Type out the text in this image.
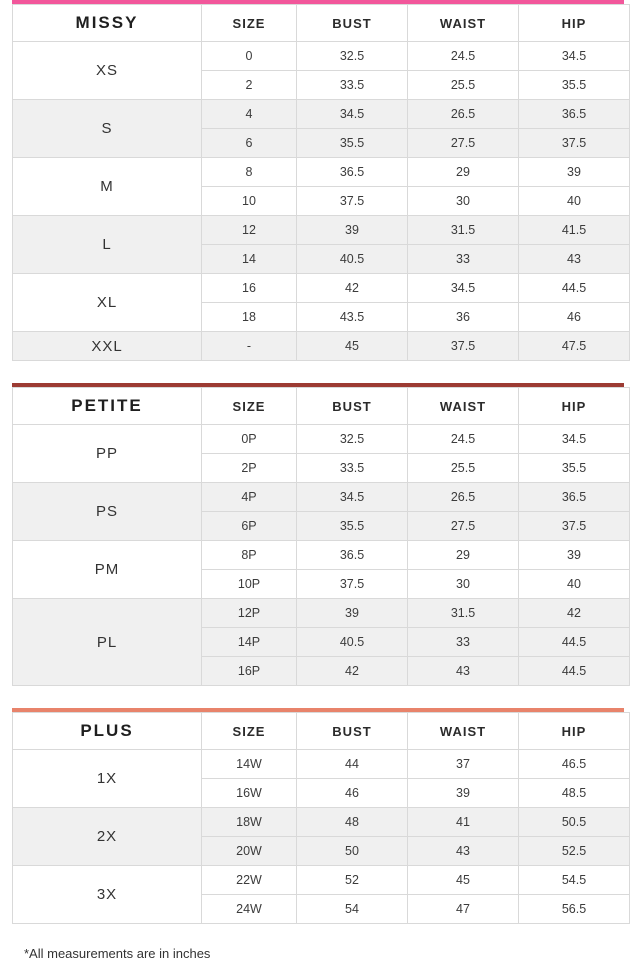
MISSY	SIZE	BUST	WAIST	HIP
XS	0	32.5	24.5	34.5
	2	33.5	25.5	35.5
S	4	34.5	26.5	36.5
	6	35.5	27.5	37.5
M	8	36.5	29	39
	10	37.5	30	40
L	12	39	31.5	41.5
	14	40.5	33	43
XL	16	42	34.5	44.5
	18	43.5	36	46
XXL	-	45	37.5	47.5
PETITE	SIZE	BUST	WAIST	HIP
PP	0P	32.5	24.5	34.5
	2P	33.5	25.5	35.5
PS	4P	34.5	26.5	36.5
	6P	35.5	27.5	37.5
PM	8P	36.5	29	39
	10P	37.5	30	40
PL	12P	39	31.5	42
	14P	40.5	33	44.5
	16P	42	43	44.5
PLUS	SIZE	BUST	WAIST	HIP
1X	14W	44	37	46.5
	16W	46	39	48.5
2X	18W	48	41	50.5
	20W	50	43	52.5
3X	22W	52	45	54.5
	24W	54	47	56.5
*All measurements are in inches
